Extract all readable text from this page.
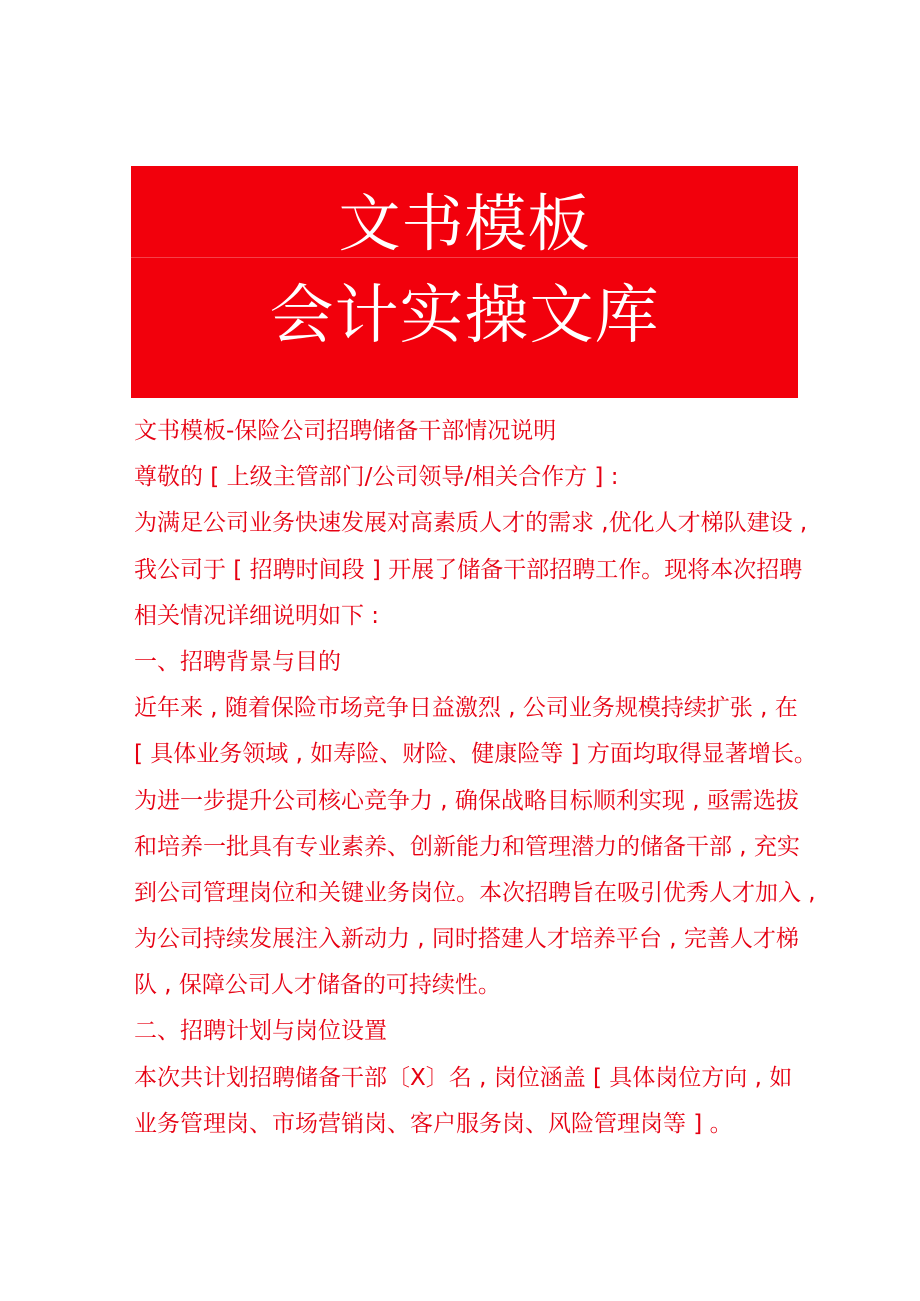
文书模板
会计实操文库
文书模板-保险公司招聘储备干部情况说明
尊敬的 [ 上级主管部门/公司领导/相关合作方 ] :
为满足公司业务快速发展对高素质人才的需求 ,优化人才梯队建设 ,
我公司于 [ 招聘时间段 ] 开展了储备干部招聘工作。现将本次招聘
相关情况详细说明如下 :
一、招聘背景与目的
近年来 , 随着保险市场竞争日益激烈 , 公司业务规模持续扩张 , 在
[ 具体业务领域 , 如寿险、财险、健康险等 ] 方面均取得显著增长。
为进一步提升公司核心竞争力 , 确保战略目标顺利实现 , 亟需选拔
和培养一批具有专业素养、创新能力和管理潜力的储备干部 , 充实
到公司管理岗位和关键业务岗位。本次招聘旨在吸引优秀人才加入 ,
为公司持续发展注入新动力 , 同时搭建人才培养平台 , 完善人才梯
队 , 保障公司人才储备的可持续性。
二、招聘计划与岗位设置
本次共计划招聘储备干部〔X〕名 , 岗位涵盖 [ 具体岗位方向 , 如
业务管理岗、市场营销岗、客户服务岗、风险管理岗等 ] 。
